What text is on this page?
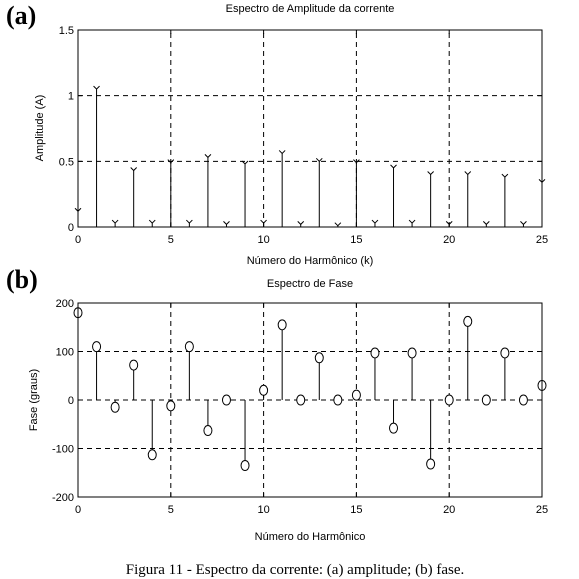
(a)
(b)
Espectro de Amplitude da corrente
0	5	10	15	20	25
0
0.5
1
1.5
Número do Harmônico (k)
Amplitude (A)
Espectro de Fase
0	5	10	15	20	25
-200
-100
0
100
200
Número do Harmônico
Fase (graus)
Figura 11 - Espectro da corrente: (a) amplitude; (b) fase.
